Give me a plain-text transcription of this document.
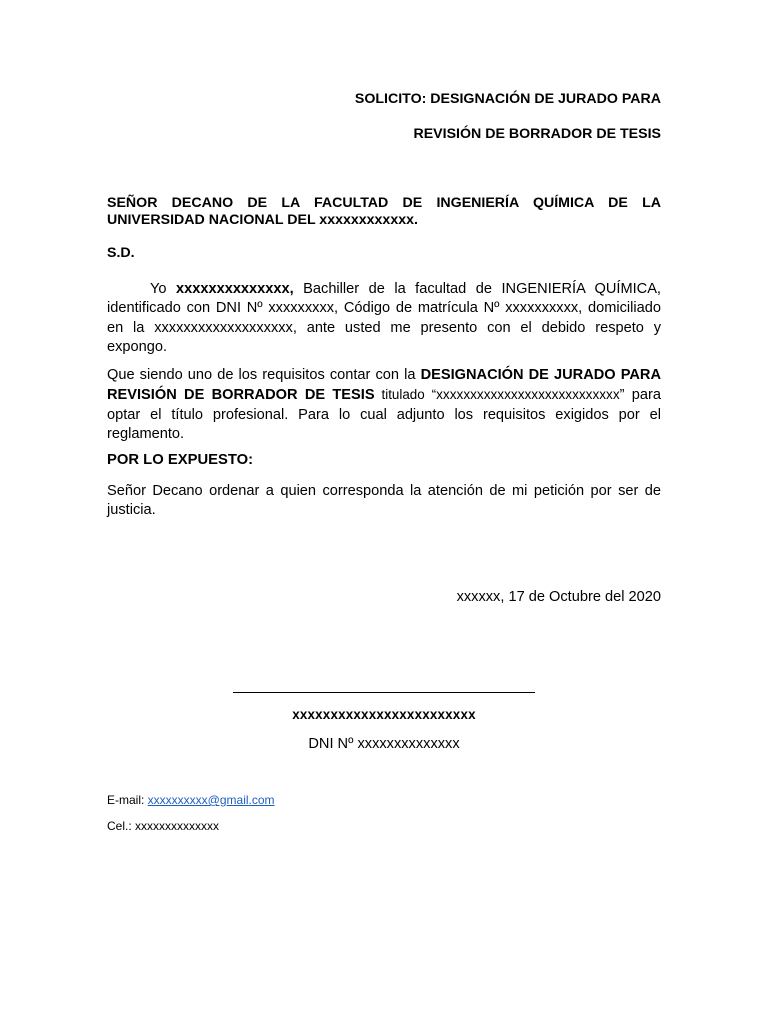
SOLICITO: DESIGNACIÓN DE JURADO PARA
REVISIÓN DE BORRADOR DE TESIS
SEÑOR DECANO DE LA FACULTAD DE INGENIERÍA QUÍMICA DE LA UNIVERSIDAD NACIONAL DEL xxxxxxxxxxxx.
S.D.
Yo xxxxxxxxxxxxxx, Bachiller de la facultad de INGENIERÍA QUÍMICA, identificado con DNI Nº xxxxxxxxx, Código de matrícula Nº xxxxxxxxxx, domiciliado en la xxxxxxxxxxxxxxxxxxx, ante usted me presento con el debido respeto y expongo.
Que siendo uno de los requisitos contar con la DESIGNACIÓN DE JURADO PARA REVISIÓN DE BORRADOR DE TESIS titulado “xxxxxxxxxxxxxxxxxxxxxxxxxxx” para optar el título profesional. Para lo cual adjunto los requisitos exigidos por el reglamento.
POR LO EXPUESTO:
Señor Decano ordenar a quien corresponda la atención de mi petición por ser de justicia.
xxxxxx, 17 de Octubre del 2020
xxxxxxxxxxxxxxxxxxxxxxxx
DNI Nº xxxxxxxxxxxxxx
E-mail: xxxxxxxxxx@gmail.com
Cel.: xxxxxxxxxxxxxx
